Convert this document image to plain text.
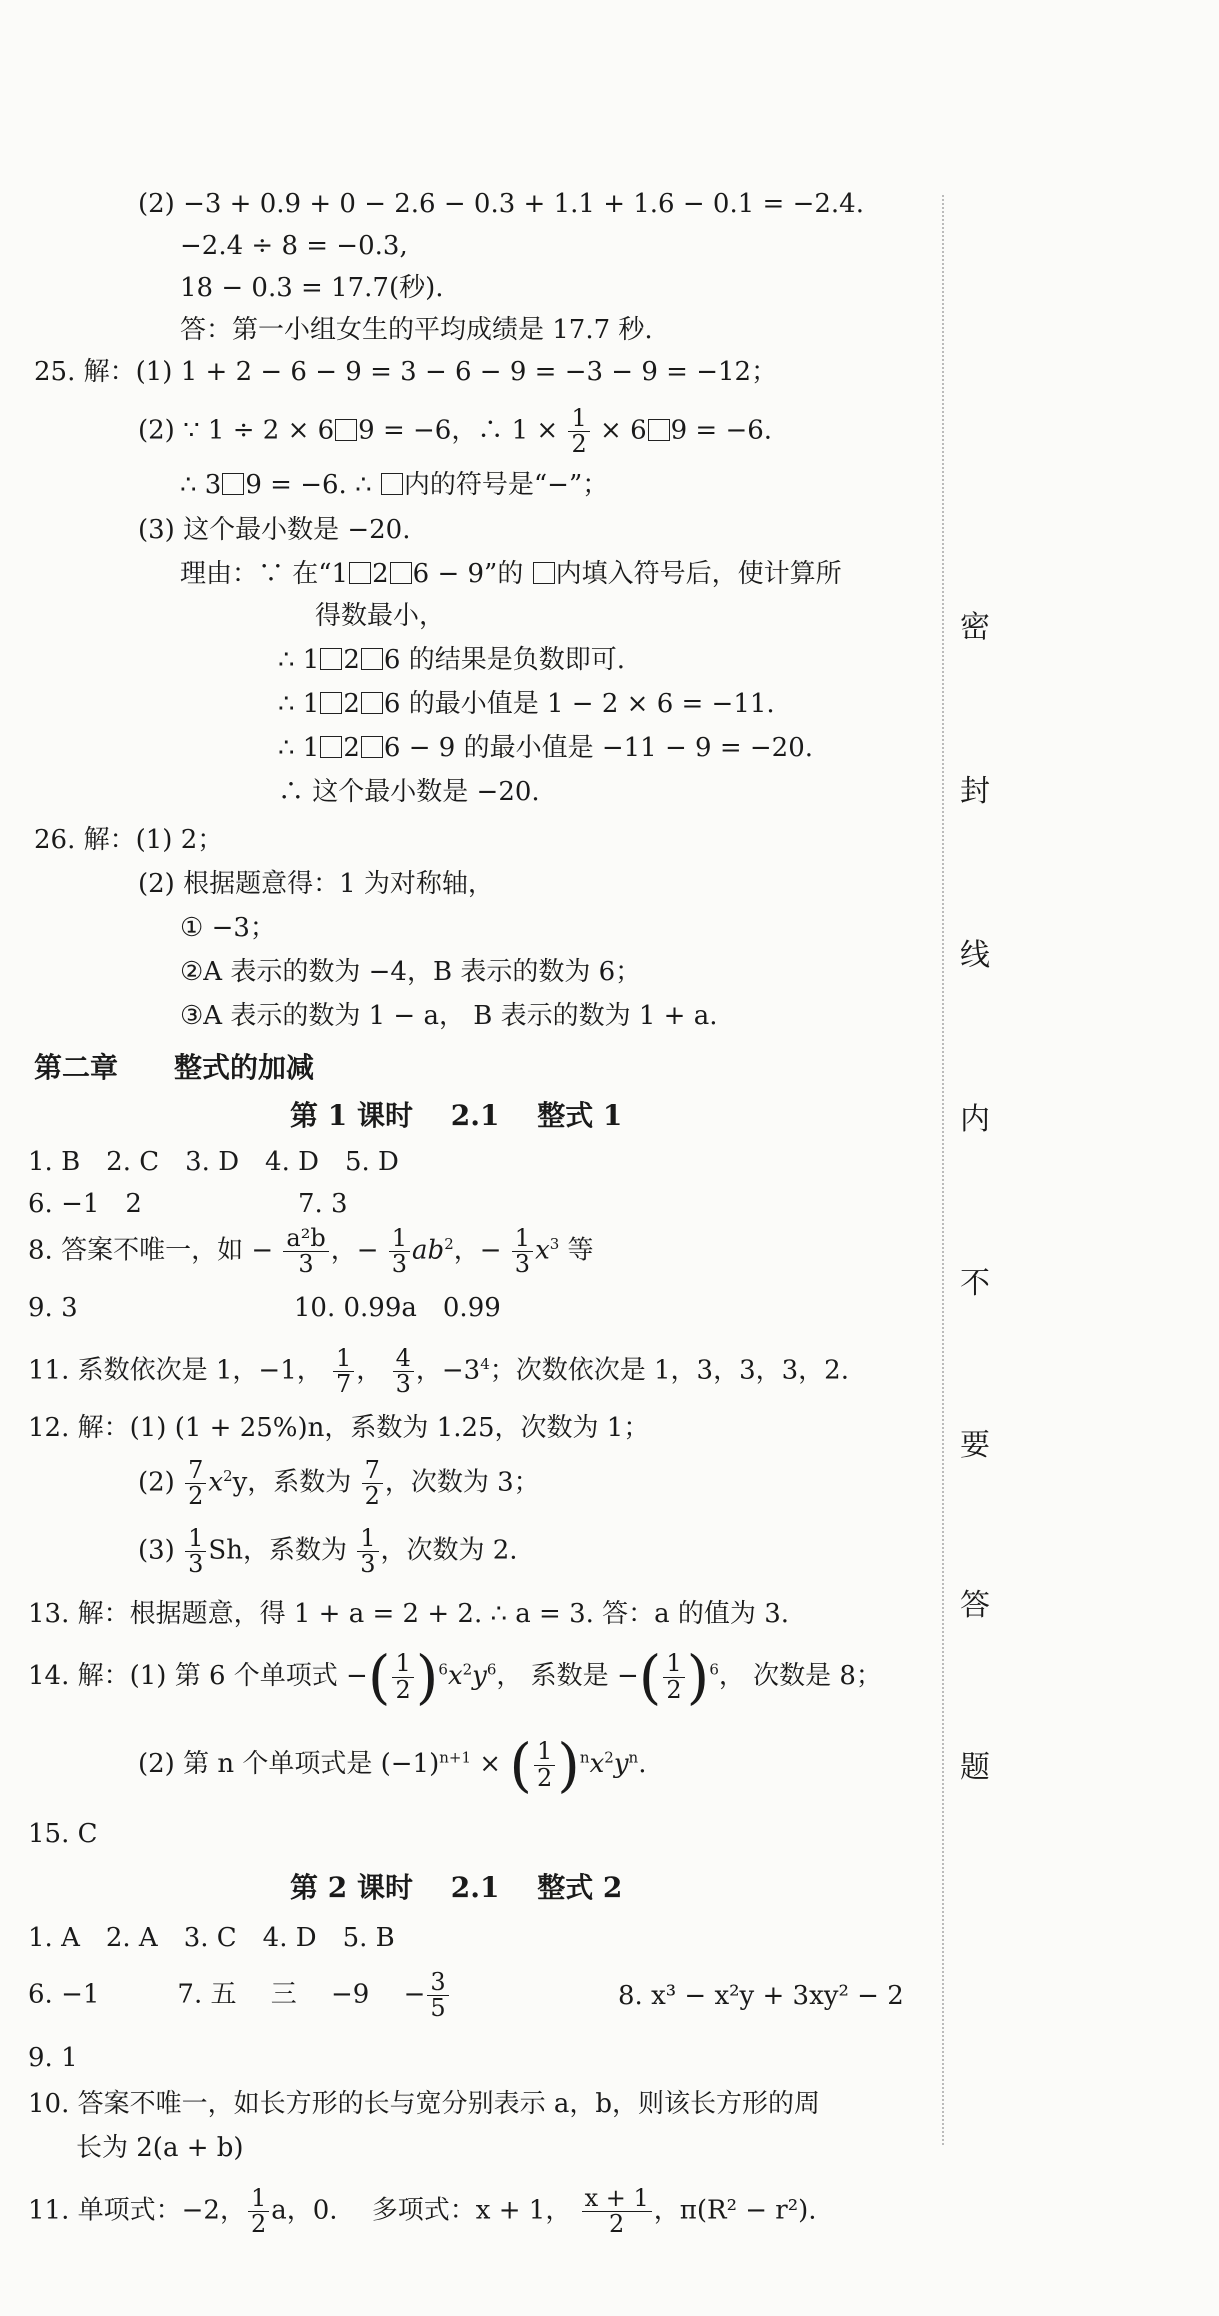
(2) −3 + 0.9 + 0 − 2.6 − 0.3 + 1.1 + 1.6 − 0.1 = −2.4.
−2.4 ÷ 8 = −0.3,
18 − 0.3 = 17.7(秒).
答：第一小组女生的平均成绩是 17.7 秒.
25. 解：(1) 1 + 2 − 6 − 9 = 3 − 6 − 9 = −3 − 9 = −12；
(2) ∵ 1 ÷ 2 × 6 9 = −6，∴ $1 \times \frac{1}{2} \times 6$ 9 = −6.
∴ 3 9 = −6. ∴ 内的符号是“−”；
(3) 这个最小数是 −20.
理由：∵ 在“1 2 6 − 9”的 内填入符号后，使计算所
得数最小，
∴ 1 2 6 的结果是负数即可.
∴ 1 2 6 的最小值是 1 − 2 × 6 = −11.
∴ 1 2 6 − 9 的最小值是 −11 − 9 = −20.
∴ 这个最小数是 −20.
26. 解：(1) 2；
(2) 根据题意得：1 为对称轴，
① −3；
②A 表示的数为 −4，B 表示的数为 6；
③A 表示的数为 1 − a， B 表示的数为 1 + a.
第二章　　整式的加减
第 1 课时　 2.1　 整式 1
1. B　2. C　3. D　4. D　5. D
6. −1　2　　　　　　7. 3
8. 答案不唯一，如 − $\frac{\text{a²b}}{3}$ ，− $\frac{1}{3} ab^2$，− $\frac{1}{3} x^3$ 等
9. 3　　　　　　　　 10. 0.99a　0.99
11. 系数依次是 1，−1， $\frac{1}{7}$ ， $\frac{4}{3}$ ，$-3^4$；次数依次是 1，3，3，3，2.
12. 解：(1) (1 + 25%)n，系数为 1.25，次数为 1；
$(2) \frac{7}{2} x^2y$，系数为 $\frac{7}{2}$ ，次数为 3；
$(3) \frac{1}{3}$ Sh，系数为 $\frac{1}{3}$ ，次数为 2.
13. 解：根据题意，得 1 + a = 2 + 2. ∴ a = 3. 答：a 的值为 3.
14. 解：(1) 第 6 个单项式 −( $\frac{1}{2} )^6x^2y^6$， 系数是 −( $\frac{1}{2} )^6$， 次数是 8；
(2) 第 n 个单项式是 $(-1)^{n+1}$ × ( $\frac{1}{2} )^nx^2y^n$.
15. C
第 2 课时　 2.1　 整式 2
1. A　2. A　3. C　4. D　5. B
6. −1　　　7. 五　 三　 −9　 − $\frac{3}{5}$	8. x³ − x²y + 3xy² − 2
9. 1
10. 答案不唯一，如长方形的长与宽分别表示 a，b，则该长方形的周
长为 2(a + b)
11. 单项式：−2， $\frac{1}{2}$ a，0.　 多项式：x + 1， $\frac{x + 1}{2}$ ，π(R² − r²).
密
封
线
内
不
要
答
题
